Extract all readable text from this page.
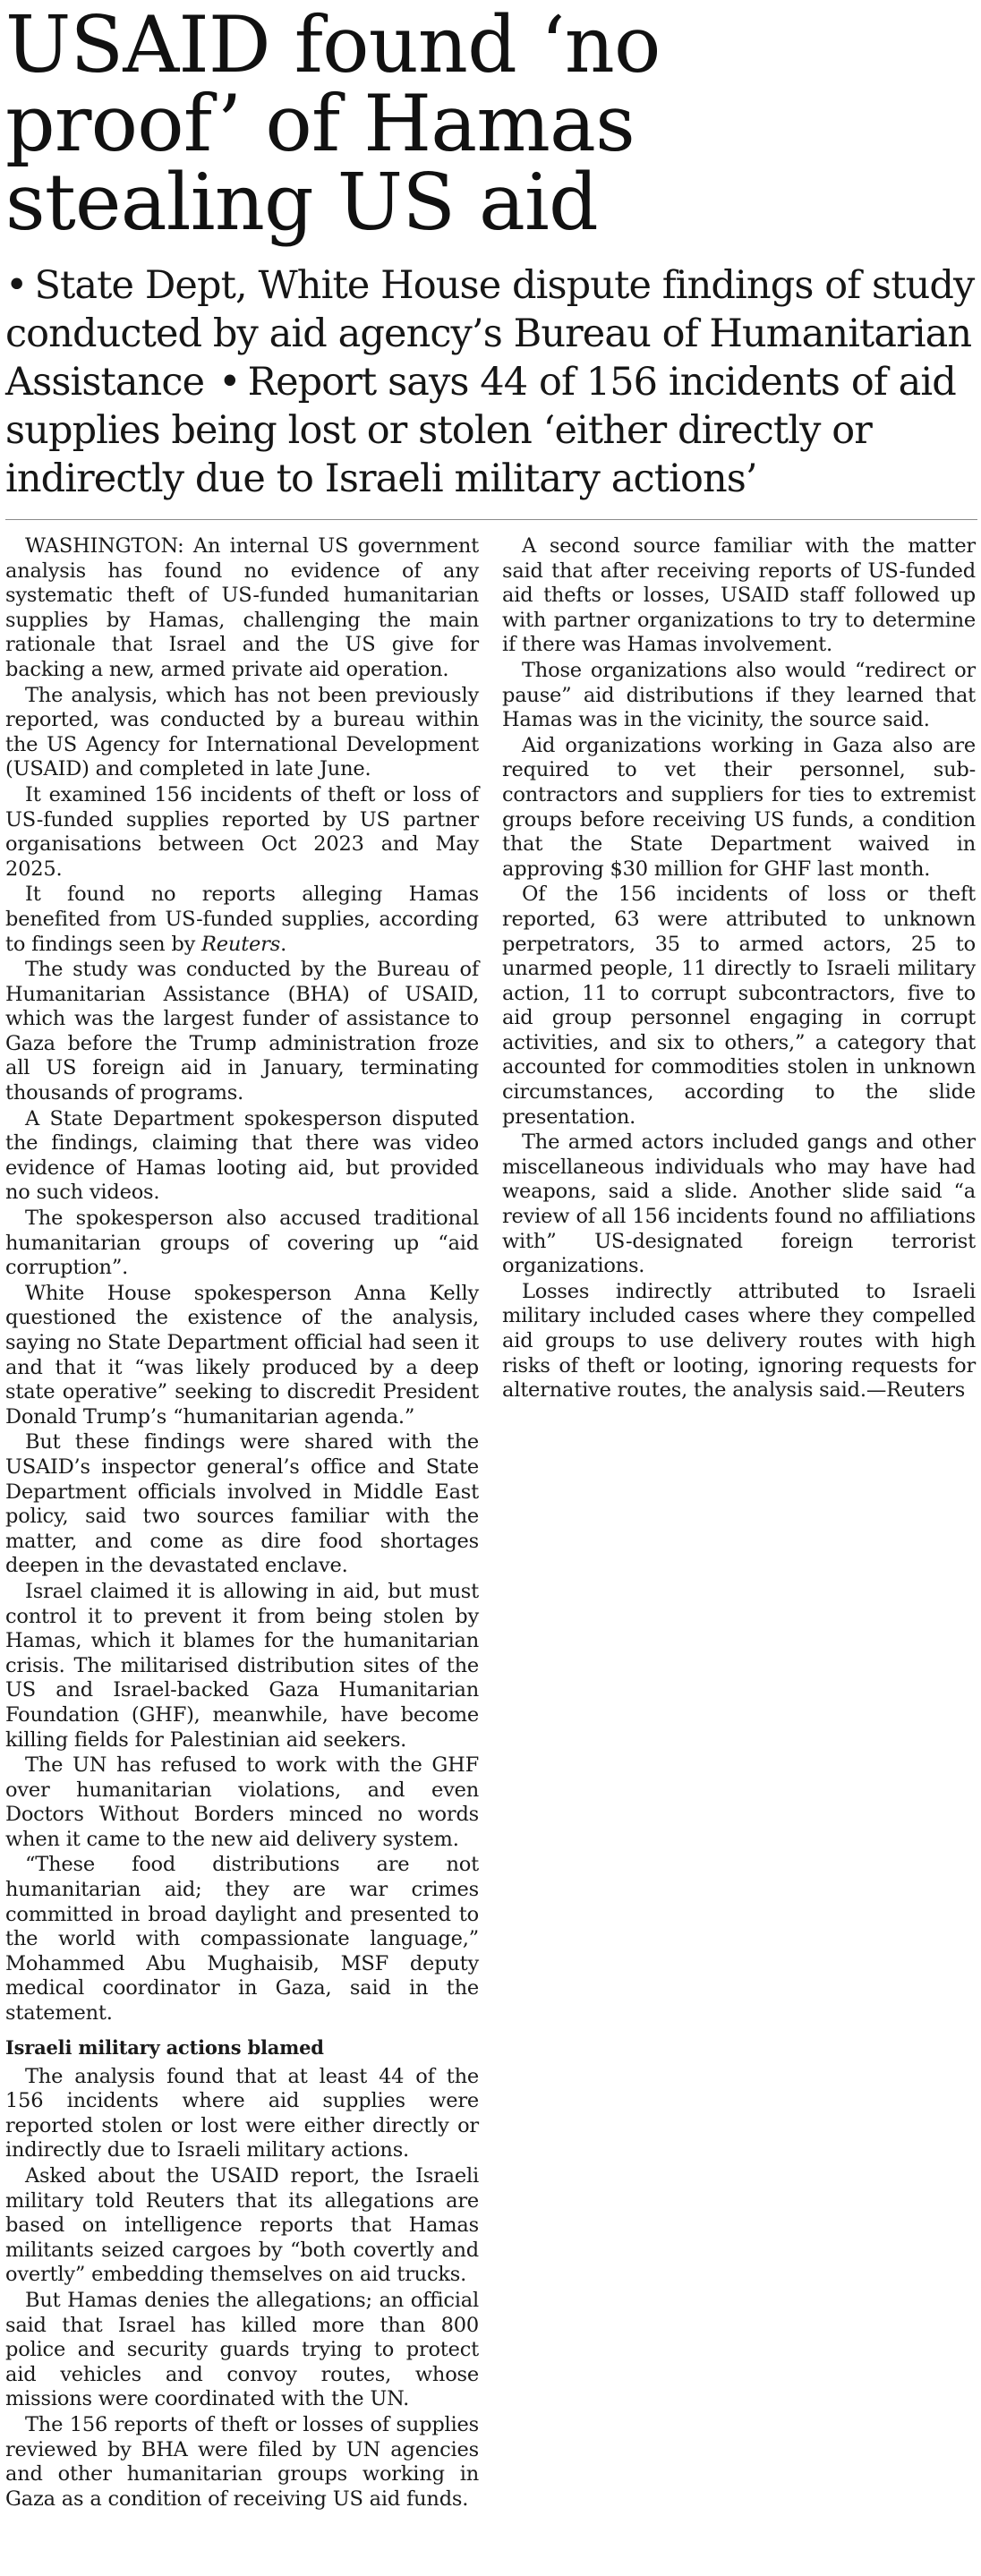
USAID found ‘no proof’ of Hamas stealing US aid
• State Dept, White House dispute findings of study conducted by aid agency’s Bureau of Humanitarian Assistance • Report says 44 of 156 incidents of aid supplies being lost or stolen ‘either directly or indirectly due to Israeli military actions’

WASHINGTON: An internal US government analysis has found no evidence of any systematic theft of US-funded humanitarian supplies by Hamas, challenging the main rationale that Israel and the US give for backing a new, armed private aid operation.

The analysis, which has not been previously reported, was conducted by a bureau within the US Agency for International Development (USAID) and completed in late June.

It examined 156 incidents of theft or loss of US-funded supplies reported by US partner organisations between Oct 2023 and May 2025.

It found no reports alleging Hamas benefited from US-funded supplies, according to findings seen by Reuters.

The study was conducted by the Bureau of Humanitarian Assistance (BHA) of USAID, which was the largest funder of assistance to Gaza before the Trump administration froze all US foreign aid in January, terminating thousands of programs.

A State Department spokesperson disputed the findings, claiming that there was video evidence of Hamas looting aid, but provided no such videos.

The spokesperson also accused traditional humanitarian groups of covering up “aid corruption”.

White House spokesperson Anna Kelly questioned the existence of the analysis, saying no State Department official had seen it and that it “was likely produced by a deep state operative” seeking to discredit President Donald Trump’s “humanitarian agenda.”

But these findings were shared with the USAID’s inspector general’s office and State Department officials involved in Middle East policy, said two sources familiar with the matter, and come as dire food shortages deepen in the devastated enclave.

Israel claimed it is allowing in aid, but must control it to prevent it from being stolen by Hamas, which it blames for the humanitarian crisis. The militarised distribution sites of the US and Israel-backed Gaza Humanitarian Foundation (GHF), meanwhile, have become killing fields for Palestinian aid seekers.

The UN has refused to work with the GHF over humanitarian violations, and even Doctors Without Borders minced no words when it came to the new aid delivery system.

“These food distributions are not humanitarian aid; they are war crimes committed in broad daylight and presented to the world with compassionate language,” Mohammed Abu Mughaisib, MSF deputy medical coordinator in Gaza, said in the statement.

Israeli military actions blamed

The analysis found that at least 44 of the 156 incidents where aid supplies were reported stolen or lost were either directly or indirectly due to Israeli military actions.

Asked about the USAID report, the Israeli military told Reuters that its allegations are based on intelligence reports that Hamas militants seized cargoes by “both covertly and overtly” embedding themselves on aid trucks.

But Hamas denies the allegations; an official said that Israel has killed more than 800 police and security guards trying to protect aid vehicles and convoy routes, whose missions were coordinated with the UN.

The 156 reports of theft or losses of supplies reviewed by BHA were filed by UN agencies and other humanitarian groups working in Gaza as a condition of receiving US aid funds.

A second source familiar with the matter said that after receiving reports of US-funded aid thefts or losses, USAID staff followed up with partner organizations to try to determine if there was Hamas involvement.

Those organizations also would “redirect or pause” aid distributions if they learned that Hamas was in the vicinity, the source said.

Aid organizations working in Gaza also are required to vet their personnel, sub-contractors and suppliers for ties to extremist groups before receiving US funds, a condition that the State Department waived in approving $30 million for GHF last month.

Of the 156 incidents of loss or theft reported, 63 were attributed to unknown perpetrators, 35 to armed actors, 25 to unarmed people, 11 directly to Israeli military action, 11 to corrupt subcontractors, five to aid group personnel engaging in corrupt activities, and six to others,” a category that accounted for commodities stolen in unknown circumstances, according to the slide presentation.

The armed actors included gangs and other miscellaneous individuals who may have had weapons, said a slide. Another slide said “a review of all 156 incidents found no affiliations with” US-designated foreign terrorist organizations.

Losses indirectly attributed to Israeli military included cases where they compelled aid groups to use delivery routes with high risks of theft or looting, ignoring requests for alternative routes, the analysis said.—Reuters
